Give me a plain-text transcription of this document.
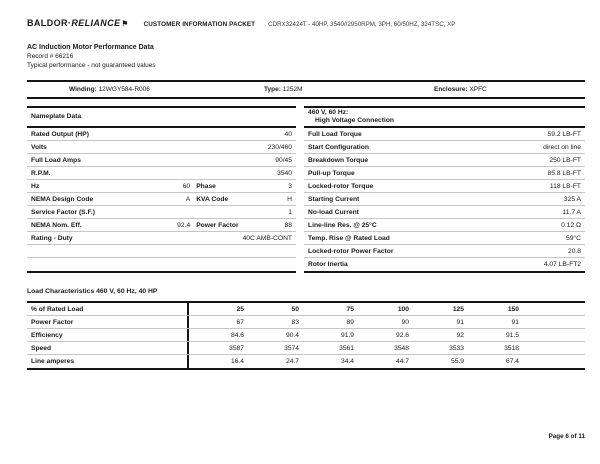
BALDOR·RELIANCE⚑ CUSTOMER INFORMATION PACKET CDRX32424T - 40HP, 3540//2950RPM, 3PH, 60/50HZ, 324TSC, XP
AC Induction Motor Performance Data
Record # 66216
Typical performance - not guaranteed values
Winding: 12WGY584-R006	Type: 1252M	Enclosure: XPFC
Nameplate Data
Rated Output (HP)	40
Volts	230/460
Full Load Amps	90/45
R.P.M.	3540
Hz	60 Phase	3
NEMA Design Code	A KVA Code	H
Service Factor (S.F.)	1
NEMA Nom. Eff.	92.4 Power Factor	88
Rating - Duty	40C AMB-CONT
460 V, 60 Hz:
High Voltage Connection
Full Load Torque	59.2 LB-FT
Start Configuration	direct on line
Breakdown Torque	250 LB-FT
Pull-up Torque	85.8 LB-FT
Locked-rotor Torque	118 LB-FT
Starting Current	325 A
No-load Current	11.7 A
Line-line Res. @ 25°C	0.12 Ω
Temp. Rise @ Rated Load	59°C
Locked-rotor Power Factor	20.8
Rotor Inertia	4.07 LB-FT2
Load Characteristics 460 V, 60 Hz, 40 HP
% of Rated Load	25	50	75	100	125	150
Power Factor	67	83	89	90	91	91
Efficiency	84.6	90.4	91.9	92.6	92	91.5
Speed	3587	3574	3561	3548	3533	3518
Line amperes	16.4	24.7	34.4	44.7	55.9	67.4
Page 6 of 11
